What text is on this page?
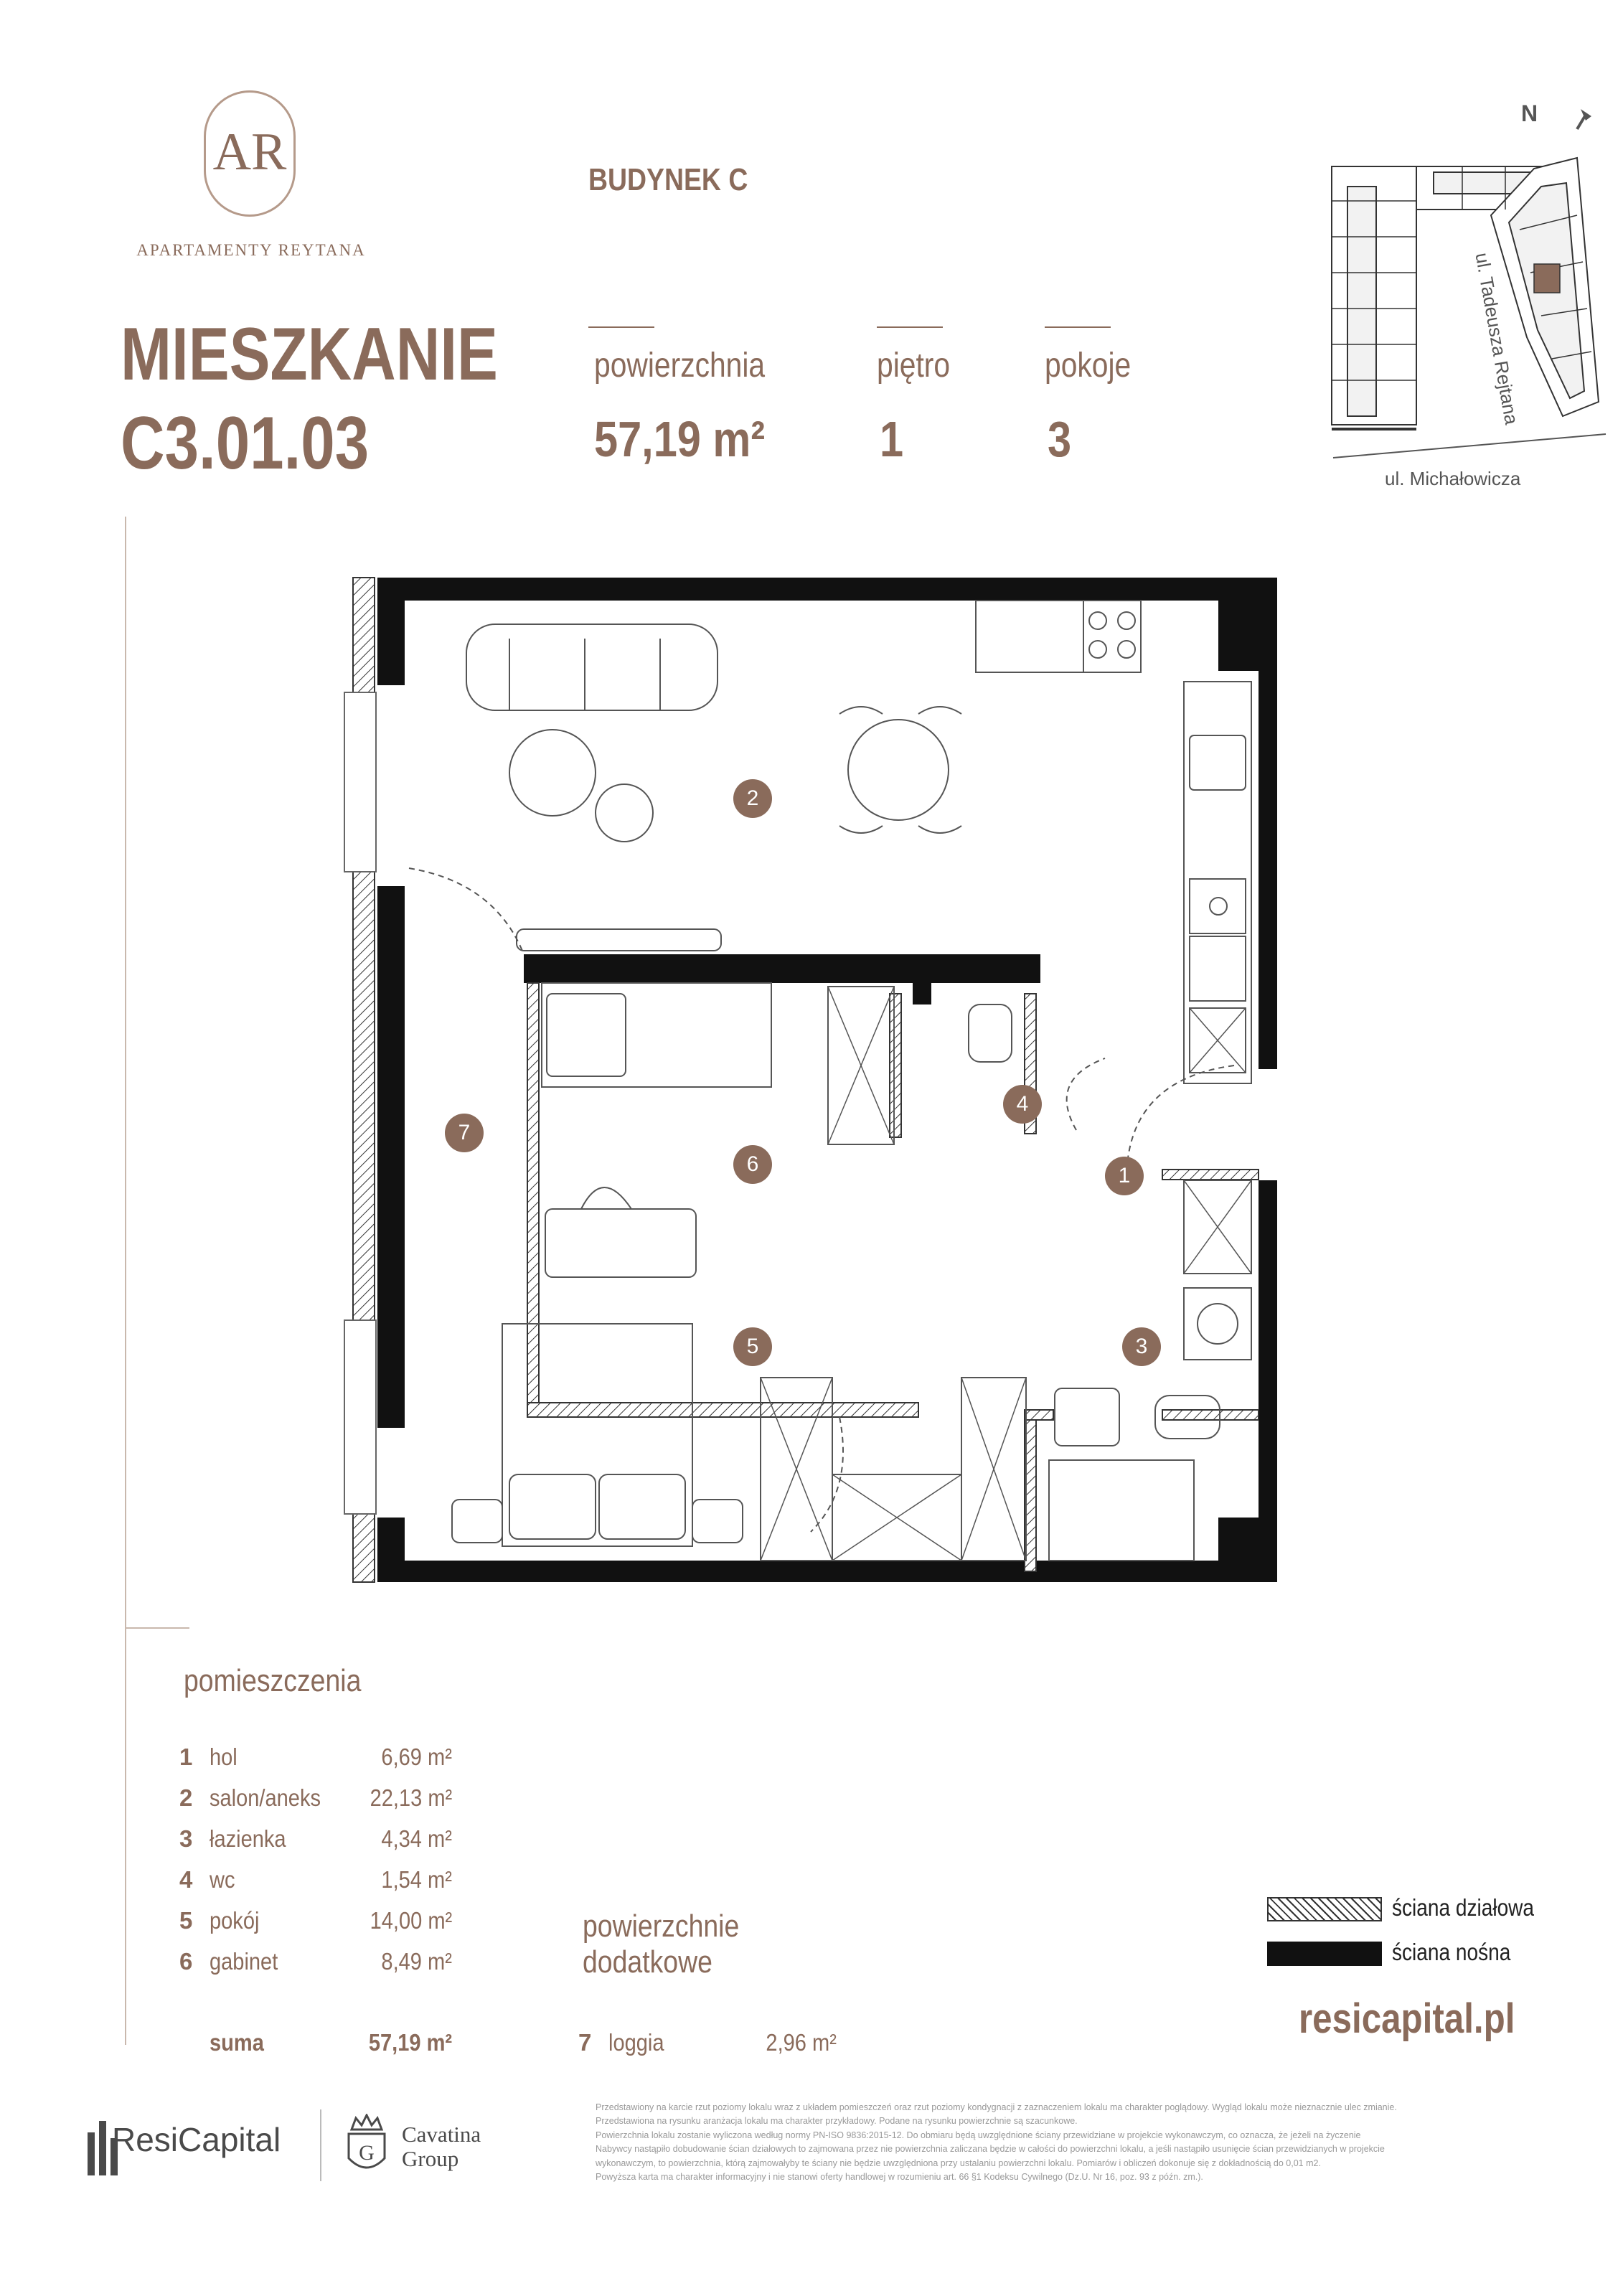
AR
APARTAMENTY REYTANA
BUDYNEK C
MIESZKANIE
C3.01.03
powierzchnia	piętro	pokoje
57,19 m² 1	3
N
ul. Tadeusza Rejtana
ul. Michałowicza
1
2
3
4
5
6
7
pomieszczenia
1 hol	6,69 m²
2 salon/aneks 22,13 m²
3 łazienka	4,34 m²
4 wc	1,54 m²
5 pokój	14,00 m²
6 gabinet	8,49 m²
suma	57,19 m²
powierzchnie
dodatkowe
7 loggia	2,96 m²
ściana działowa
ściana nośna
resicapital.pl
ResiCapital	G
Cavatina
Group
Przedstawiony na karcie rzut poziomy lokalu wraz z układem pomieszczeń oraz rzut poziomy kondygnacji z zaznaczeniem lokalu ma charakter poglądowy. Wygląd lokalu może nieznacznie ulec zmianie.
Przedstawiona na rysunku aranżacja lokalu ma charakter przykładowy. Podane na rysunku powierzchnie są szacunkowe.
Powierzchnia lokalu zostanie wyliczona według normy PN-ISO 9836:2015-12. Do obmiaru będą uwzględnione ściany przewidziane w projekcie wykonawczym, co oznacza, że jeżeli na życzenie
Nabywcy nastąpiło dobudowanie ścian działowych to zajmowana przez nie powierzchnia zaliczana będzie w całości do powierzchni lokalu, a jeśli nastąpiło usunięcie ścian przewidzianych w projekcie
wykonawczym, to powierzchnia, którą zajmowałyby te ściany nie będzie uwzględniona przy ustalaniu powierzchni lokalu. Pomiarów i obliczeń dokonuje się z dokładnością do 0,01 m2.
Powyższa karta ma charakter informacyjny i nie stanowi oferty handlowej w rozumieniu art. 66 §1 Kodeksu Cywilnego (Dz.U. Nr 16, poz. 93 z późn. zm.).
